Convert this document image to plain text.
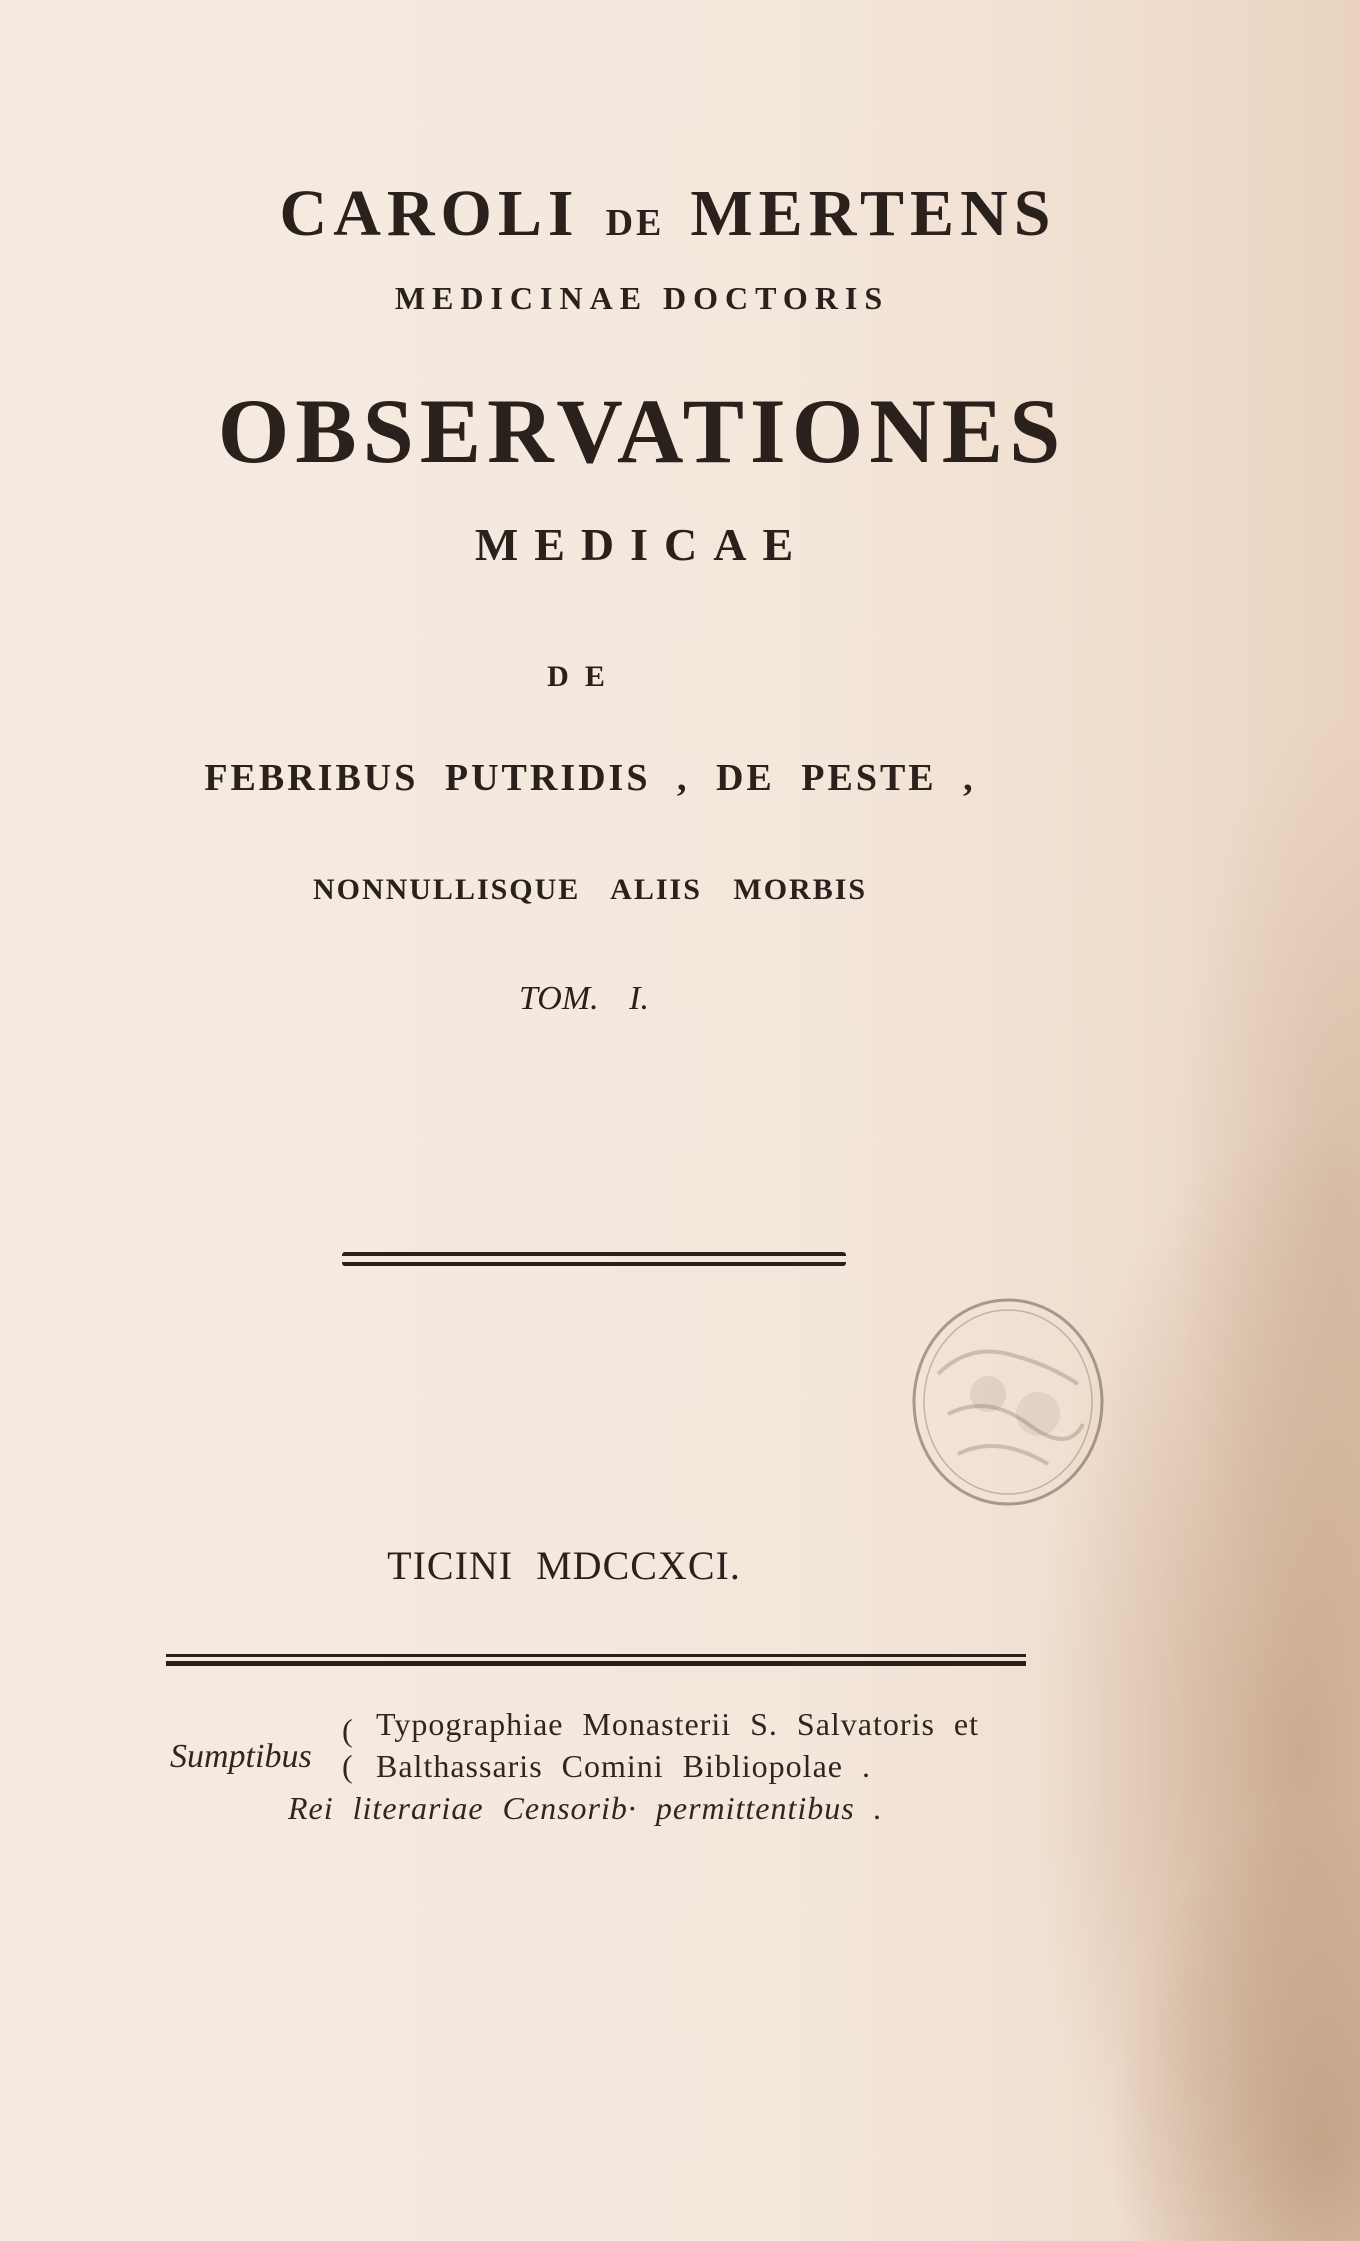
CAROLI DE MERTENS

MEDICINAE DOCTORIS

OBSERVATIONES

MEDICAE

DE

FEBRIBUS PUTRIDIS , DE PESTE ,

NONNULLISQUE ALIIS MORBIS

TOM. I.

TICINI MDCCXCI.

Sumptibus
(
(
Typographiae Monasterii S. Salvatoris et
Balthassaris Comini Bibliopolae .
Rei literariae Censorib· permittentibus .
